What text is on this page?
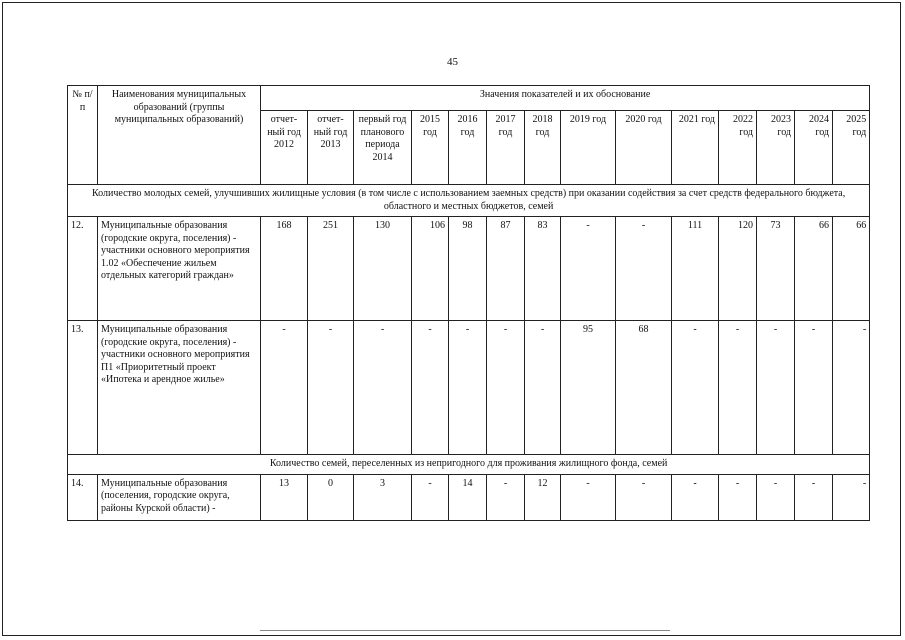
45
№ п/п	Наименования муниципальных образований (группы муниципальных образований)	Значения показателей и их обоснование													
		отчет-ный год 2012	отчет-ный год 2013	первый год планового периода 2014	2015 год	2016 год	2017 год	2018 год	2019 год	2020 год	2021 год	2022 год	2023 год	2024 год	2025 год
Количество молодых семей, улучшивших жилищные условия (в том числе с использованием заемных средств) при оказании содействия за счет средств федерального бюджета, областного и местных бюджетов, семей															
12.	Муниципальные образования (городские округа, поселения) - участники основного мероприятия 1.02 «Обеспечение жильем отдельных категорий граждан»	168	251	130	106	98	87	83	-	-	111	120	73	66	66
13.	Муниципальные образования (городские округа, поселения) - участники основного мероприятия П1 «Приоритетный проект «Ипотека и арендное жилье»	-	-	-	-	-	-	-	95	68	-	-	-	-	-
Количество семей, переселенных из непригодного для проживания жилищного фонда, семей															
14.	Муниципальные образования (поселения, городские округа, районы Курской области) -	13	0	3	-	14	-	12	-	-	-	-	-	-	-
